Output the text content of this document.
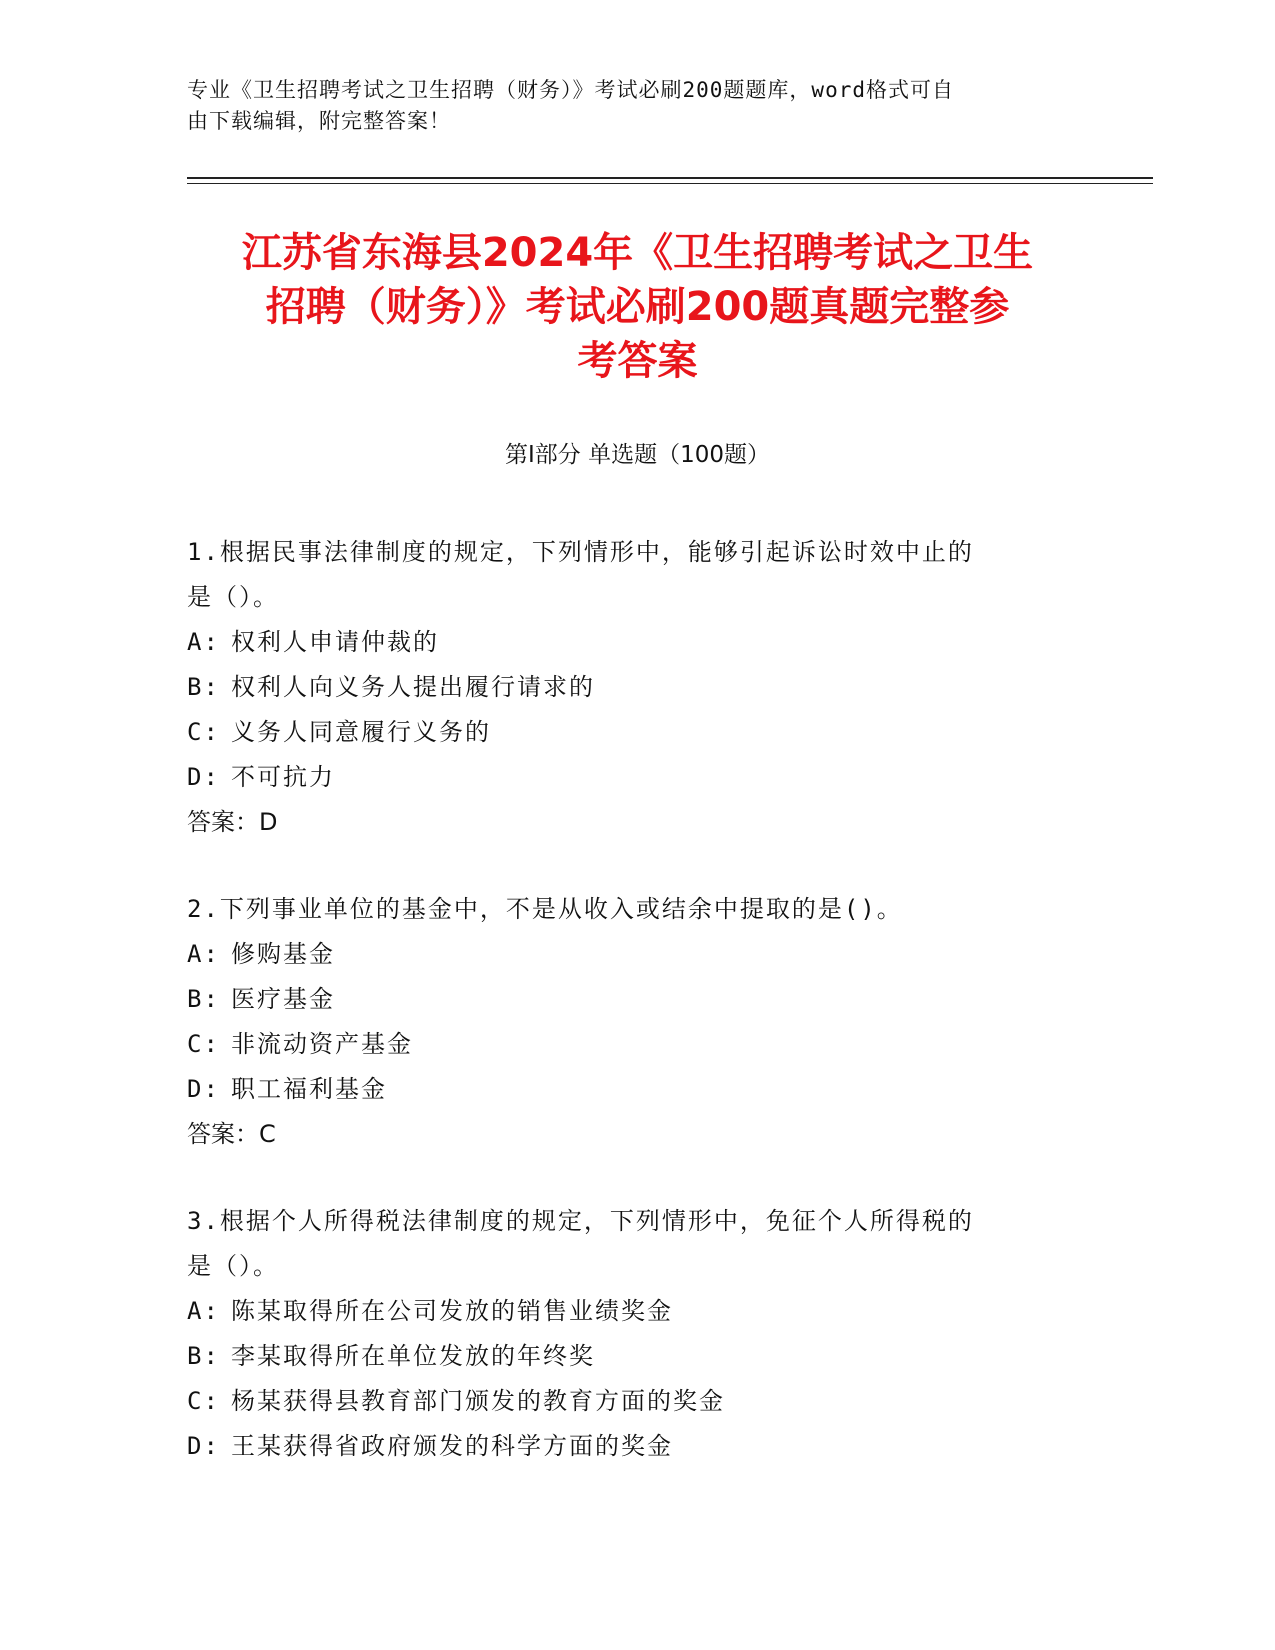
专业《卫生招聘考试之卫生招聘（财务）》考试必刷200题题库，word格式可自
由下载编辑，附完整答案！
江苏省东海县2024年《卫生招聘考试之卫生
招聘（财务）》考试必刷200题真题完整参
考答案
第Ⅰ部分 单选题（100题）
1.根据民事法律制度的规定，下列情形中，能够引起诉讼时效中止的
是（）。
A: 权利人申请仲裁的
B: 权利人向义务人提出履行请求的
C: 义务人同意履行义务的
D: 不可抗力
答案：D
2.下列事业单位的基金中，不是从收入或结余中提取的是()。
A: 修购基金
B: 医疗基金
C: 非流动资产基金
D: 职工福利基金
答案：C
3.根据个人所得税法律制度的规定，下列情形中，免征个人所得税的
是（）。
A: 陈某取得所在公司发放的销售业绩奖金
B: 李某取得所在单位发放的年终奖
C: 杨某获得县教育部门颁发的教育方面的奖金
D: 王某获得省政府颁发的科学方面的奖金
